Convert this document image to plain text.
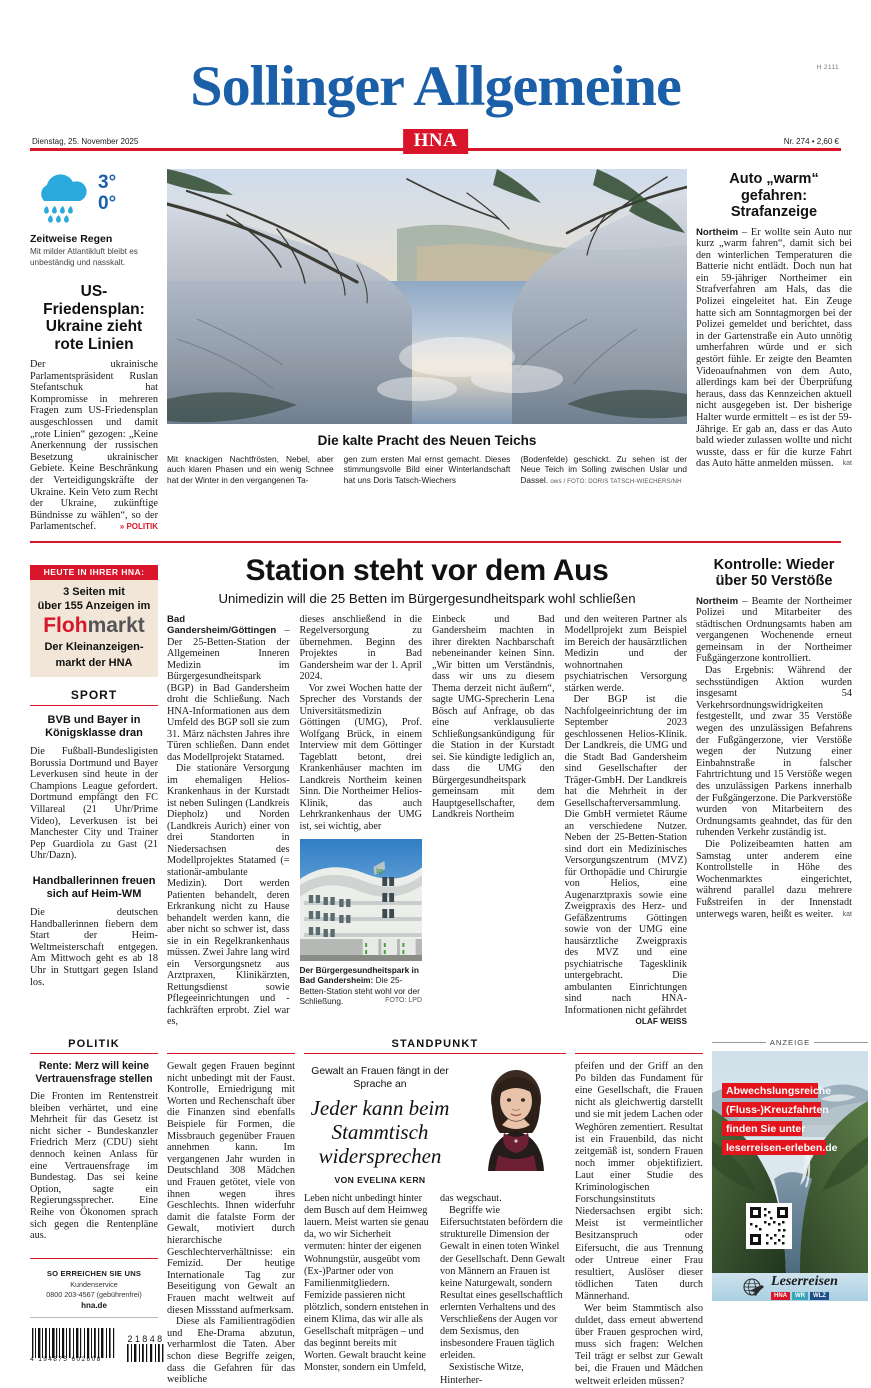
H 2111
Sollinger Allgemeine
Dienstag, 25. November 2025	HNA	Nr. 274 • 2,60 €
3°
0°
Zeitweise Regen
Mit milder Atlantikluft bleibt es unbeständig und nasskalt.
US-Friedensplan: Ukraine zieht rote Linien
Der ukrainische Parlamentspräsident Ruslan Stefantschuk hat Kompromisse in mehreren Fragen zum US-Friedensplan ausgeschlossen und damit „rote Linien“ gezogen: „Keine Anerkennung der russischen Besetzung ukrainischer Gebiete. Keine Beschränkung der Verteidigungskräfte der Ukraine. Kein Veto zum Recht der Ukraine, zukünftige Bündnisse zu wählen“, so der Parlamentschef.	» POLITIK
Die kalte Pracht des Neuen Teichs
Mit knackigen Nachtfrösten, Nebel, aber auch klaren Phasen und ein wenig Schnee hat der Winter in den vergangenen Ta-
gen zum ersten Mal ernst gemacht. Dieses stimmungsvolle Bild einer Winterlandschaft hat uns Doris Tatsch-Wiechers
(Bodenfelde) geschickt. Zu sehen ist der Neue Teich im Solling zwischen Uslar und Dassel. ows / FOTO: DORIS TATSCH-WIECHERS/NH
Auto „warm“ gefahren: Strafanzeige
Northeim – Er wollte sein Auto nur kurz „warm fahren“, damit sich bei den winterlichen Temperaturen die Batterie nicht entlädt. Doch nun hat ein 59-jähriger Northeimer ein Strafverfahren am Hals, das die Polizei eingeleitet hat. Ein Zeuge hatte sich am Sonntagmorgen bei der Polizei gemeldet und berichtet, dass in der Gartenstraße ein Auto unnötig umherfahren würde und er sich gestört fühle. Er zeigte den Beamten Videoaufnahmen von dem Auto, allerdings kam bei der Überprüfung heraus, dass das Kennzeichen aktuell nicht ausgegeben ist. Der bisherige Halter wurde ermittelt – es ist der 59-Jährige. Er gab an, dass er das Auto bald wieder zulassen wollte und nicht wusste, dass er für die kurze Fahrt das Auto hätte anmelden müssen. kat
HEUTE IN IHRER HNA:
3 Seiten mit
über 155 Anzeigen im
Flohmarkt
Der Kleinanzeigen-
markt der HNA
SPORT
BVB und Bayer in Königsklasse dran
Die Fußball-Bundesligisten Borussia Dortmund und Bayer Leverkusen sind heute in der Champions League gefordert. Dortmund empfängt den FC Villareal (21 Uhr/Prime Video), Leverkusen ist bei Manchester City und Trainer Pep Guardiola zu Gast (21 Uhr/Dazn).
Handballerinnen freuen sich auf Heim-WM
Die deutschen Handballerinnen fiebern dem Start der Heim-Weltmeisterschaft entgegen. Am Mittwoch geht es ab 18 Uhr in Stuttgart gegen Island los.
Station steht vor dem Aus
Unimedizin will die 25 Betten im Bürgergesundheitspark wohl schließen

Bad Gandersheim/Göttingen – Der 25-Betten-Station der Allgemeinen Inneren Medizin im Bürgergesundheitspark (BGP) in Bad Gandersheim droht die Schließung. Nach HNA-Informationen aus dem Umfeld des BGP soll sie zum 31. März nächsten Jahres ihre Türen schließen. Dann endet das Modellprojekt Statamed.

Die stationäre Versorgung im ehemaligen Helios-Krankenhaus in der Kurstadt ist neben Sulingen (Landkreis Diepholz) und Norden (Landkreis Aurich) einer von drei Standorten in Niedersachsen des Modellprojektes Statamed (= stationär-ambulante Medizin). Dort werden Patienten behandelt, deren Erkrankung nicht zu Hause behandelt werden kann, die aber nicht so schwer ist, dass sie in ein Regelkrankenhaus müssen. Zwei Jahre lang wird ein Versorgungsnetz aus Arztpraxen, Klinikärzten, Rettungsdienst sowie Pflegeeinrichtungen und -fachkräften erprobt. Ziel war es,

dieses anschließend in die Regelversorgung zu übernehmen. Beginn des Projektes in Bad Gandersheim war der 1. April 2024.

Vor zwei Wochen hatte der Sprecher des Vorstands der Universitätsmedizin Göttingen (UMG), Prof. Wolfgang Brück, in einem Interview mit dem Göttinger Tageblatt betont, drei Krankenhäuser machten im Landkreis Northeim keinen Sinn. Die Northeimer Helios-Klinik, das auch Lehrkrankenhaus der UMG ist, sei wichtig, aber

bgp
Der Bürgergesundheitspark in Bad Gandersheim: Die 25-Betten-Station steht wohl vor der Schließung.	FOTO: LPD

Einbeck und Bad Gandersheim machten in ihrer direkten Nachbarschaft nebeneinander keinen Sinn. „Wir bitten um Verständnis, dass wir uns zu diesem Thema derzeit nicht äußern“, sagte UMG-Sprecherin Lena Bösch auf Anfrage, ob das eine verklausulierte Schließungsankündigung für die Station in der Kurstadt sei. Sie kündigte lediglich an, dass die UMG den Bürgergesundheitspark gemeinsam mit dem Hauptgesellschafter, dem Landkreis Northeim

und den weiteren Partner als Modellprojekt zum Beispiel im Bereich der hausärztlichen Medizin und der wohnortnahen psychiatrischen Versorgung stärken werde.

Der BGP ist die Nachfolgeeinrichtung der im September 2023 geschlossenen Helios-Klinik. Der Landkreis, die UMG und die Stadt Bad Gandersheim sind Gesellschafter der Träger-GmbH. Der Landkreis hat die Mehrheit in der Gesellschafterversammlung. Die GmbH vermietet Räume an verschiedene Nutzer. Neben der 25-Betten-Station sind dort ein Medizinisches Versorgungszentrum (MVZ) für Orthopädie und Chirurgie von Helios, eine Augenarztpraxis sowie eine Zweigpraxis des Herz- und Gefäßzentrums Göttingen sowie von der UMG eine hausärztliche Zweigpraxis des MVZ und eine psychiatrische Tagesklinik untergebracht. Die ambulanten Einrichtungen sind nach HNA-Informationen nicht gefährdet
OLAF WEISS

Kontrolle: Wieder über 50 Verstöße
Northeim – Beamte der Northeimer Polizei und Mitarbeiter des städtischen Ordnungsamts haben am vergangenen Wochenende erneut gemeinsam in der Northeimer Fußgängerzone kontrolliert.
Das Ergebnis: Während der sechsstündigen Aktion wurden insgesamt 54 Verkehrsordnungswidrigkeiten festgestellt, und zwar 35 Verstöße wegen des unzulässigen Befahrens der Fußgängerzone, vier Verstöße wegen der Nutzung einer Einbahnstraße in falscher Fahrtrichtung und 15 Verstöße wegen des unzulässigen Parkens innerhalb der Fußgängerzone. Die Parkverstöße wurden von Mitarbeitern des Ordnungsamts geahndet, das für den ruhenden Verkehr zuständig ist.
Die Polizeibeamten hatten am Samstag unter anderem eine Kontrollstelle in Höhe des Wochenmarktes eingerichtet, während parallel dazu mehrere Fußstreifen in der Innenstadt unterwegs waren, heißt es weiter.	kat
POLITIK
Rente: Merz will keine Vertrauensfrage stellen
Die Fronten im Rentenstreit bleiben verhärtet, und eine Mehrheit für das Gesetz ist nicht sicher - Bundeskanzler Friedrich Merz (CDU) sieht dennoch keinen Anlass für eine Vertrauensfrage im Bundestag. Das sei keine Option, sagte ein Regierungssprecher. Eine Reihe von Ökonomen sprach sich gegen die Rentenpläne aus.
SO ERREICHEN SIE UNS
Kundenservice
0800 203-4567 (gebührenfrei)
hna.de
4 194875 602608
21848
Gewalt gegen Frauen beginnt nicht unbedingt mit der Faust. Kontrolle, Erniedrigung mit Worten und Rechenschaft über die Finanzen sind ebenfalls Beispiele für Formen, die Missbrauch gegenüber Frauen annehmen kann. Im vergangenen Jahr wurden in Deutschland 308 Mädchen und Frauen getötet, viele von ihnen wegen ihres Geschlechts. Ihnen widerfuhr damit die fatalste Form der Gewalt, motiviert durch hierarchische Geschlechterverhältnisse: ein Femizid. Der heutige Internationale Tag zur Beseitigung von Gewalt an Frauen macht weltweit auf diesen Missstand aufmerksam.
Diese als Familientragödien und Ehe-Drama abzutun, verharmlost die Taten. Aber schon diese Begriffe zeigen, dass die Gefahren für das weibliche
STANDPUNKT
Gewalt an Frauen fängt in der Sprache an
Jeder kann beim Stammtisch widersprechen
VON EVELINA KERN

Leben nicht unbedingt hinter dem Busch auf dem Heimweg lauern. Meist warten sie genau da, wo wir Sicherheit vermuten: hinter der eigenen Wohnungstür, ausgeübt vom (Ex-)Partner oder von Familienmitgliedern. Femizide passieren nicht plötzlich, sondern entstehen in einem Klima, das wir alle als Gesellschaft mitprägen – und das beginnt bereits mit Worten. Gewalt braucht keine Monster, sondern ein Umfeld,

das wegschaut.

Begriffe wie Eifersuchtstaten befördern die strukturelle Dimension der Gewalt in einen toten Winkel der Gesellschaft. Denn Gewalt von Männern an Frauen ist keine Naturgewalt, sondern Resultat eines gesellschaftlich erlernten Verhaltens und des Verschließens der Augen vor dem Sexismus, den insbesondere Frauen täglich erleiden.

Sexistische Witze, Hinterher-

pfeifen und der Griff an den Po bilden das Fundament für eine Gesellschaft, die Frauen nicht als gleichwertig darstellt und sie mit jedem Lachen oder Weghören zementiert. Resultat ist ein Frauenbild, das nicht zeitgemäß ist, sondern Frauen noch immer objektifiziert. Laut einer Studie des Kriminologischen Forschungsinstituts Niedersachsen ergibt sich: Meist ist vermeintlicher Besitzanspruch oder Eifersucht, die aus Trennung oder Untreue einer Frau resultiert, Auslöser dieser tödlichen Taten durch Männerhand.
Wer beim Stammtisch also duldet, dass erneut abwertend über Frauen gesprochen wird, muss sich fragen: Welchen Teil trägt er selbst zur Gewalt bei, die Frauen und Mädchen weltweit erleiden müssen?
ANZEIGE
Abwechslungsreiche
(Fluss-)Kreuzfahrten
finden Sie unter
leserreisen-erleben.de
Leserreisen
HNA	WR	WLZ
